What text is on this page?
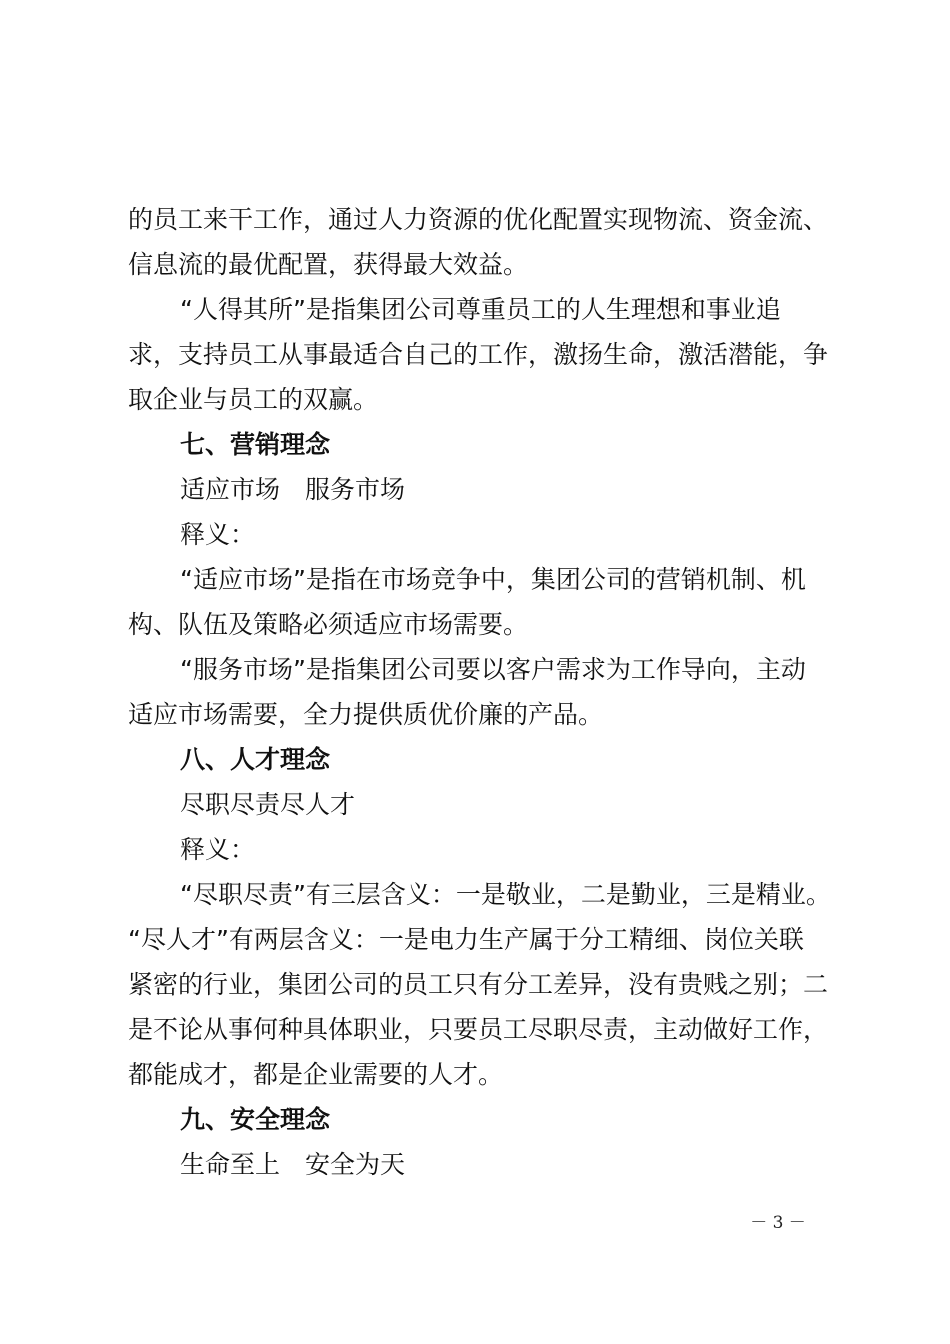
的员工来干工作，通过人力资源的优化配置实现物流、资金流、
信息流的最优配置，获得最大效益。
“人得其所”是指集团公司尊重员工的人生理想和事业追
求，支持员工从事最适合自己的工作，激扬生命，激活潜能，争
取企业与员工的双赢。
七、营销理念
适应市场　服务市场
释义：
“适应市场”是指在市场竞争中，集团公司的营销机制、机
构、队伍及策略必须适应市场需要。
“服务市场”是指集团公司要以客户需求为工作导向，主动
适应市场需要，全力提供质优价廉的产品。
八、人才理念
尽职尽责尽人才
释义：
“尽职尽责”有三层含义：一是敬业，二是勤业，三是精业。
“尽人才”有两层含义：一是电力生产属于分工精细、岗位关联
紧密的行业，集团公司的员工只有分工差异，没有贵贱之别；二
是不论从事何种具体职业，只要员工尽职尽责，主动做好工作，
都能成才，都是企业需要的人才。
九、安全理念
生命至上　安全为天
－ 3 －
